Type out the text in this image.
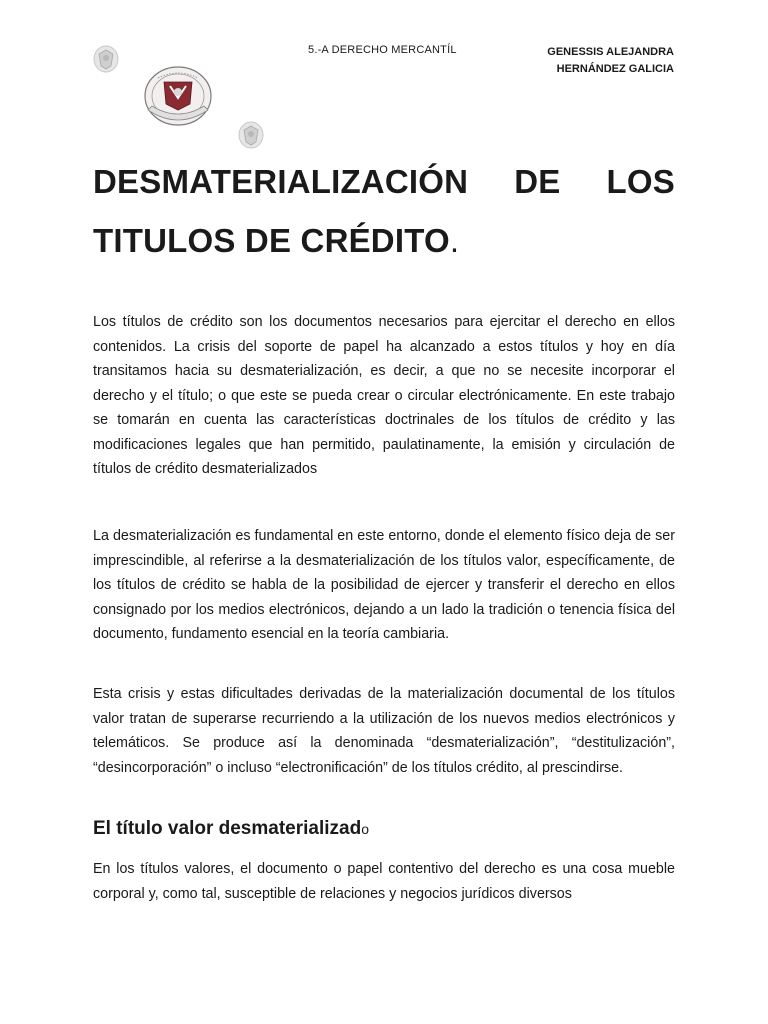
5.-A DERECHO MERCANTÍL	GENESSIS ALEJANDRA
HERNÁNDEZ GALICIA
DESMATERIALIZACIÓN DE LOS
TITULOS DE CRÉDITO.

Los títulos de crédito son los documentos necesarios para ejercitar el derecho en ellos contenidos. La crisis del soporte de papel ha alcanzado a estos títulos y hoy en día transitamos hacia su desmaterialización, es decir, a que no se necesite incorporar el derecho y el título; o que este se pueda crear o circular electrónicamente. En este trabajo se tomarán en cuenta las características doctrinales de los títulos de crédito y las modificaciones legales que han permitido, paulatinamente, la emisión y circulación de títulos de crédito desmaterializados

La desmaterialización es fundamental en este entorno, donde el elemento físico deja de ser imprescindible, al referirse a la desmaterialización de los títulos valor, específicamente, de los títulos de crédito se habla de la posibilidad de ejercer y transferir el derecho en ellos consignado por los medios electrónicos, dejando a un lado la tradición o tenencia física del documento, fundamento esencial en la teoría cambiaria.

Esta crisis y estas dificultades derivadas de la materialización documental de los títulos valor tratan de superarse recurriendo a la utilización de los nuevos medios electrónicos y telemáticos. Se produce así la denominada “desmaterialización”, “destitulización”, “desincorporación” o incluso “electronificación” de los títulos crédito, al prescindirse.

El título valor desmaterializado

En los títulos valores, el documento o papel contentivo del derecho es una cosa mueble corporal y, como tal, susceptible de relaciones y negocios jurídicos diversos
